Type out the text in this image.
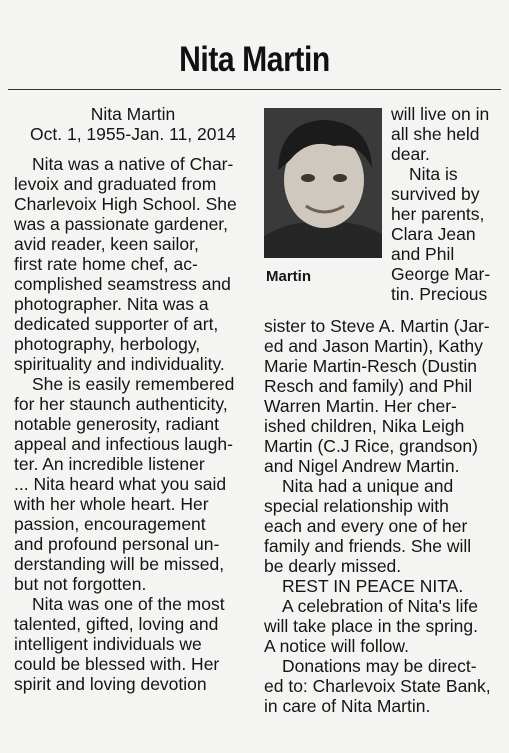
Nita Martin
Nita Martin
Oct. 1, 1955-Jan. 11, 2014
Nita was a native of Char-
levoix and graduated from
Charlevoix High School. She
was a passionate gardener,
avid reader, keen sailor,
first rate home chef, ac-
complished seamstress and
photographer. Nita was a
dedicated supporter of art,
photography, herbology,
spirituality and individuality.
She is easily remembered
for her staunch authenticity,
notable generosity, radiant
appeal and infectious laugh-
ter. An incredible listener
... Nita heard what you said
with her whole heart. Her
passion, encouragement
and profound personal un-
derstanding will be missed,
but not forgotten.
Nita was one of the most
talented, gifted, loving and
intelligent individuals we
could be blessed with. Her
spirit and loving devotion
Martin
will live on in
all she held
dear.
Nita is
survived by
her parents,
Clara Jean
and Phil
George Mar-
tin. Precious
sister to Steve A. Martin (Jar-
ed and Jason Martin), Kathy
Marie Martin-Resch (Dustin
Resch and family) and Phil
Warren Martin. Her cher-
ished children, Nika Leigh
Martin (C.J Rice, grandson)
and Nigel Andrew Martin.
Nita had a unique and
special relationship with
each and every one of her
family and friends. She will
be dearly missed.
REST IN PEACE NITA.
A celebration of Nita's life
will take place in the spring.
A notice will follow.
Donations may be direct-
ed to: Charlevoix State Bank,
in care of Nita Martin.
